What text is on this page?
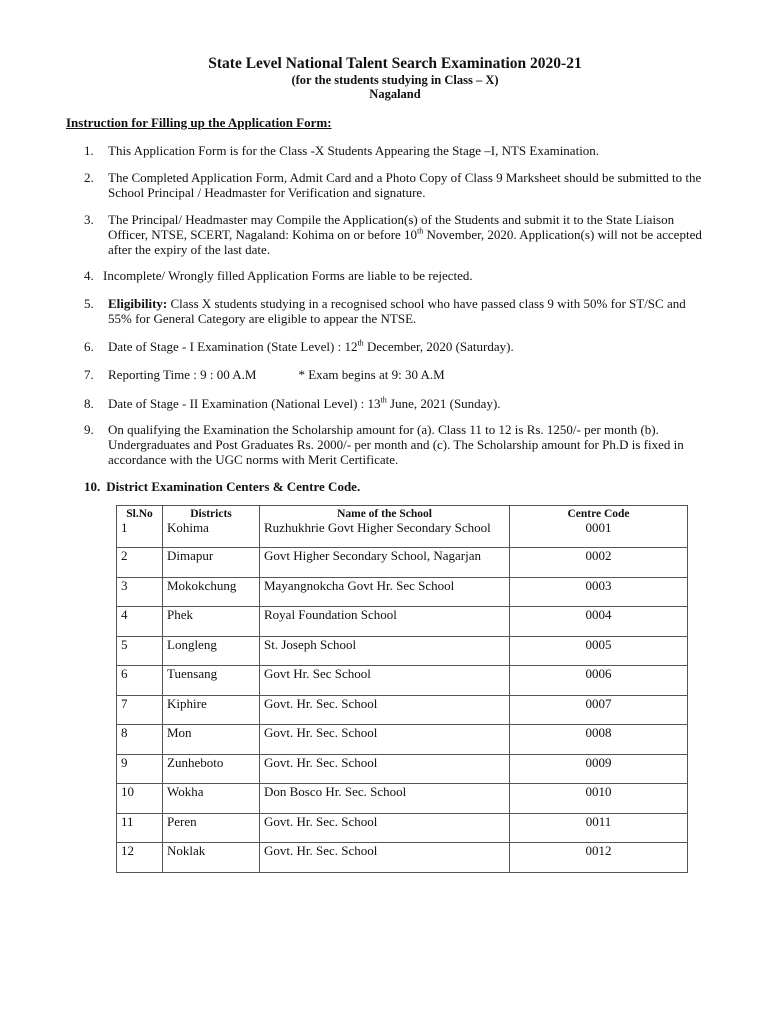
State Level National Talent Search Examination 2020-21
(for the students studying in Class – X)
Nagaland
Instruction for Filling up the Application Form:
1. This Application Form is for the Class -X Students Appearing the Stage –I, NTS Examination.
2. The Completed Application Form, Admit Card and a Photo Copy of Class 9 Marksheet should be submitted to the School Principal / Headmaster for Verification and signature.
3. The Principal/ Headmaster may Compile the Application(s) of the Students and submit it to the State Liaison Officer, NTSE, SCERT, Nagaland: Kohima on or before 10th November, 2020. Application(s) will not be accepted after the expiry of the last date.
4. Incomplete/ Wrongly filled Application Forms are liable to be rejected.
5. Eligibility: Class X students studying in a recognised school who have passed class 9 with 50% for ST/SC and 55% for General Category are eligible to appear the NTSE.
6. Date of Stage - I Examination (State Level) : 12th December, 2020 (Saturday).
7. Reporting Time : 9 : 00 A.M	* Exam begins at 9: 30 A.M
8. Date of Stage - II Examination (National Level) : 13th June, 2021 (Sunday).
9. On qualifying the Examination the Scholarship amount for (a). Class 11 to 12 is Rs. 1250/- per month (b). Undergraduates and Post Graduates Rs. 2000/- per month and (c). The Scholarship amount for Ph.D is fixed in accordance with the UGC norms with Merit Certificate.
10. District Examination Centers & Centre Code.
Sl.No	Districts	Name of the School	Centre Code
1	Kohima	Ruzhukhrie Govt Higher Secondary School	0001
2	Dimapur	Govt Higher Secondary School, Nagarjan	0002
3	Mokokchung	Mayangnokcha Govt Hr. Sec School	0003
4	Phek	Royal Foundation School	0004
5	Longleng	St. Joseph School	0005
6	Tuensang	Govt Hr. Sec School	0006
7	Kiphire	Govt. Hr. Sec. School	0007
8	Mon	Govt. Hr. Sec. School	0008
9	Zunheboto	Govt. Hr. Sec. School	0009
10	Wokha	Don Bosco Hr. Sec. School	0010
11	Peren	Govt. Hr. Sec. School	0011
12	Noklak	Govt. Hr. Sec. School	0012
